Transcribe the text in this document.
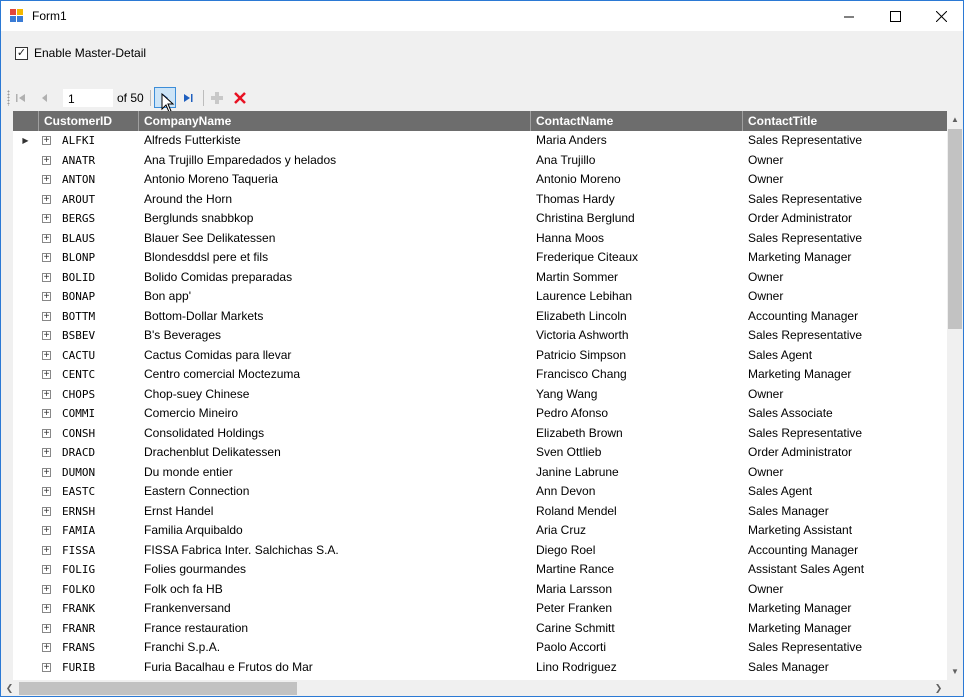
Form1
✓ Enable Master-Detail
1	of 50
CustomerID	CompanyName	ContactName	ContactTitle
▶	+ ALFKI	Alfreds Futterkiste	Maria Anders	Sales Representative
+ ANATR	Ana Trujillo Emparedados y helados	Ana Trujillo	Owner
+ ANTON	Antonio Moreno Taqueria	Antonio Moreno	Owner
+ AROUT	Around the Horn	Thomas Hardy	Sales Representative
+ BERGS	Berglunds snabbkop	Christina Berglund	Order Administrator
+ BLAUS	Blauer See Delikatessen	Hanna Moos	Sales Representative
+ BLONP	Blondesddsl pere et fils	Frederique Citeaux	Marketing Manager
+ BOLID	Bolido Comidas preparadas	Martin Sommer	Owner
+ BONAP	Bon app'	Laurence Lebihan	Owner
+ BOTTM	Bottom-Dollar Markets	Elizabeth Lincoln	Accounting Manager
+ BSBEV	B's Beverages	Victoria Ashworth	Sales Representative
+ CACTU	Cactus Comidas para llevar	Patricio Simpson	Sales Agent
+ CENTC	Centro comercial Moctezuma	Francisco Chang	Marketing Manager
+ CHOPS	Chop-suey Chinese	Yang Wang	Owner
+ COMMI	Comercio Mineiro	Pedro Afonso	Sales Associate
+ CONSH	Consolidated Holdings	Elizabeth Brown	Sales Representative
+ DRACD	Drachenblut Delikatessen	Sven Ottlieb	Order Administrator
+ DUMON	Du monde entier	Janine Labrune	Owner
+ EASTC	Eastern Connection	Ann Devon	Sales Agent
+ ERNSH	Ernst Handel	Roland Mendel	Sales Manager
+ FAMIA	Familia Arquibaldo	Aria Cruz	Marketing Assistant
+ FISSA	FISSA Fabrica Inter. Salchichas S.A.	Diego Roel	Accounting Manager
+ FOLIG	Folies gourmandes	Martine Rance	Assistant Sales Agent
+ FOLKO	Folk och fa HB	Maria Larsson	Owner
+ FRANK	Frankenversand	Peter Franken	Marketing Manager
+ FRANR	France restauration	Carine Schmitt	Marketing Manager
+ FRANS	Franchi S.p.A.	Paolo Accorti	Sales Representative
+ FURIB	Furia Bacalhau e Frutos do Mar	Lino Rodriguez	Sales Manager
▲
▼
❮	❯
